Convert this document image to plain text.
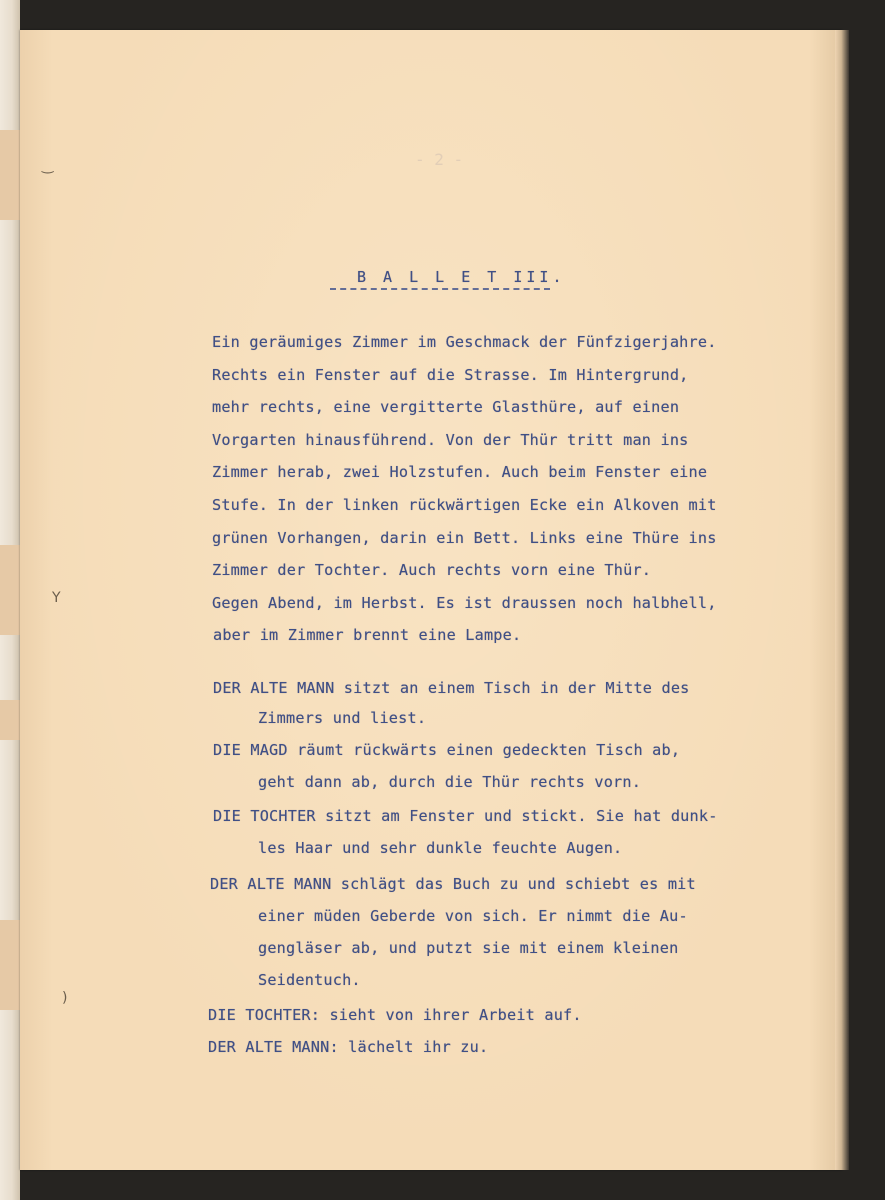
- 2 -
B A L L E T III.
Ein geräumiges Zimmer im Geschmack der Fünfzigerjahre.
Rechts ein Fenster auf die Strasse. Im Hintergrund,
mehr rechts, eine vergitterte Glasthüre, auf einen
Vorgarten hinausführend. Von der Thür tritt man ins
Zimmer herab, zwei Holzstufen. Auch beim Fenster eine
Stufe. In der linken rückwärtigen Ecke ein Alkoven mit
grünen Vorhangen, darin ein Bett. Links eine Thüre ins
Zimmer der Tochter. Auch rechts vorn eine Thür.
Gegen Abend, im Herbst. Es ist draussen noch halbhell,
aber im Zimmer brennt eine Lampe.
DER ALTE MANN sitzt an einem Tisch in der Mitte des
Zimmers und liest.
DIE MAGD räumt rückwärts einen gedeckten Tisch ab,
geht dann ab, durch die Thür rechts vorn.
DIE TOCHTER sitzt am Fenster und stickt. Sie hat dunk-
les Haar und sehr dunkle feuchte Augen.
DER ALTE MANN schlägt das Buch zu und schiebt es mit
einer müden Geberde von sich. Er nimmt die Au-
gengläser ab, und putzt sie mit einem kleinen
Seidentuch.
DIE TOCHTER: sieht von ihrer Arbeit auf.
DER ALTE MANN: lächelt ihr zu.
‿
Y
)
